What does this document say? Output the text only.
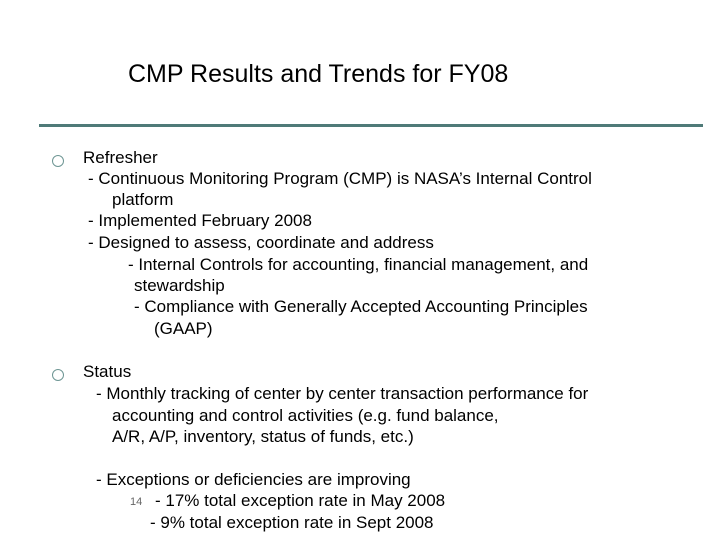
CMP Results and Trends for FY08
Refresher
- Continuous Monitoring Program (CMP) is NASA’s Internal Control
platform
- Implemented February 2008
- Designed to assess, coordinate and address
- Internal Controls for accounting, financial management, and
stewardship
- Compliance with Generally Accepted Accounting Principles
(GAAP)
Status
- Monthly tracking of center by center transaction performance for
accounting and control activities (e.g. fund balance,
A/R, A/P, inventory, status of funds, etc.)
- Exceptions or deficiencies are improving
- 17% total exception rate in May 2008
- 9% total exception rate in Sept 2008
14
